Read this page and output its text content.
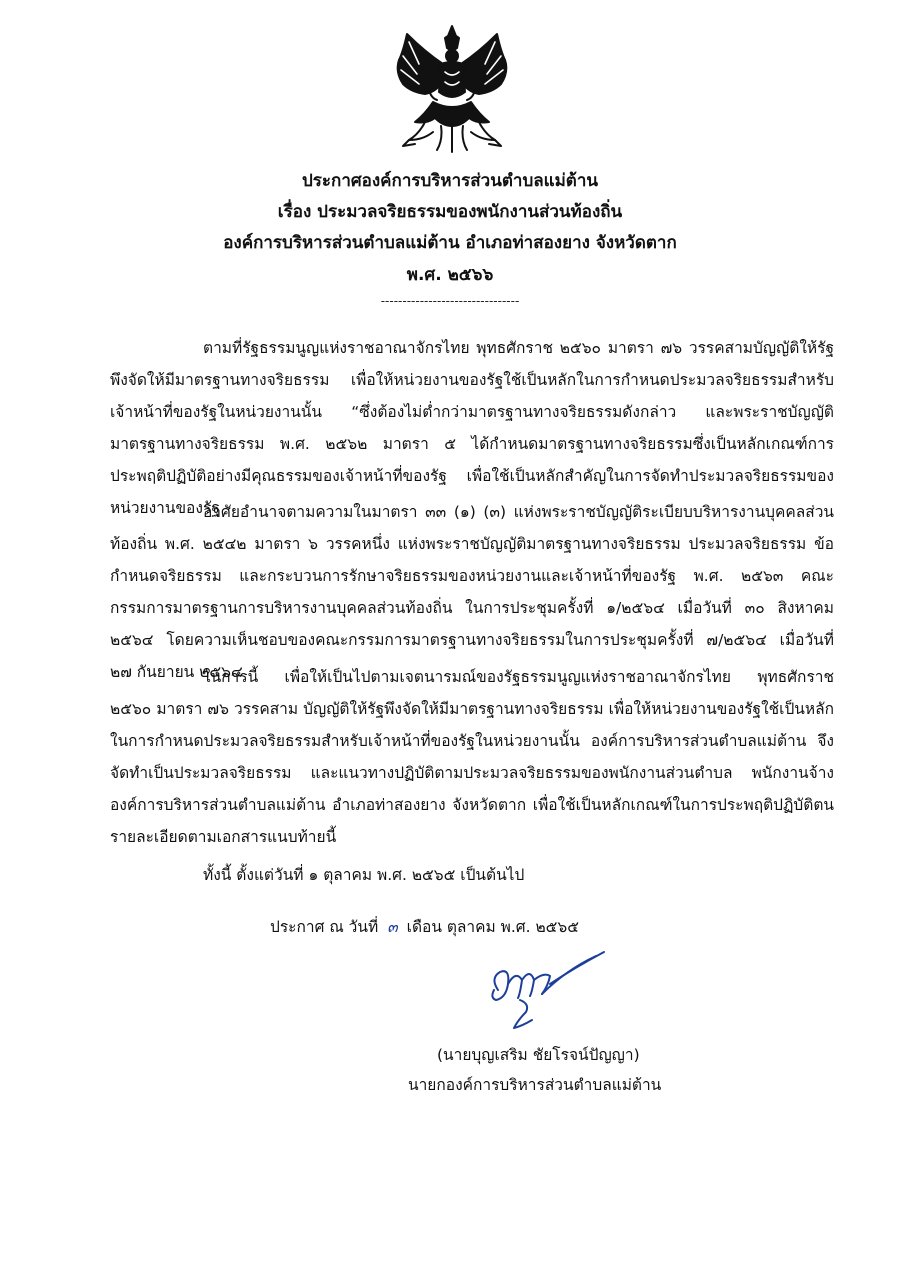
ประกาศองค์การบริหารส่วนตำบลแม่ต้าน
เรื่อง ประมวลจริยธรรมของพนักงานส่วนท้องถิ่น
องค์การบริหารส่วนตำบลแม่ต้าน อำเภอท่าสองยาง จังหวัดตาก
พ.ศ. ๒๕๖๖
--------------------------------

ตามที่รัฐธรรมนูญแห่งราชอาณาจักรไทย พุทธศักราช ๒๕๖๐ มาตรา ๗๖ วรรคสามบัญญัติให้รัฐพึงจัดให้มีมาตรฐานทางจริยธรรม เพื่อให้หน่วยงานของรัฐใช้เป็นหลักในการกำหนดประมวลจริยธรรมสำหรับเจ้าหน้าที่ของรัฐในหน่วยงานนั้น “ซึ่งต้องไม่ต่ำกว่ามาตรฐานทางจริยธรรมดังกล่าว และพระราชบัญญัติมาตรฐานทางจริยธรรม พ.ศ. ๒๕๖๒ มาตรา ๕ ได้กำหนดมาตรฐานทางจริยธรรมซึ่งเป็นหลักเกณฑ์การประพฤติปฏิบัติอย่างมีคุณธรรมของเจ้าหน้าที่ของรัฐ เพื่อใช้เป็นหลักสำคัญในการจัดทำประมวลจริยธรรมของหน่วยงานของรัฐ

อาศัยอำนาจตามความในมาตรา ๓๓ (๑) (๓) แห่งพระราชบัญญัติระเบียบบริหารงานบุคคลส่วนท้องถิ่น พ.ศ. ๒๕๔๒ มาตรา ๖ วรรคหนึ่ง แห่งพระราชบัญญัติมาตรฐานทางจริยธรรม ประมวลจริยธรรม ข้อกำหนดจริยธรรม และกระบวนการรักษาจริยธรรมของหน่วยงานและเจ้าหน้าที่ของรัฐ พ.ศ. ๒๕๖๓ คณะกรรมการมาตรฐานการบริหารงานบุคคลส่วนท้องถิ่น ในการประชุมครั้งที่ ๑/๒๕๖๔ เมื่อวันที่ ๓๐ สิงหาคม ๒๕๖๔ โดยความเห็นชอบของคณะกรรมการมาตรฐานทางจริยธรรมในการประชุมครั้งที่ ๗/๒๕๖๔ เมื่อวันที่ ๒๗ กันยายน ๒๕๖๔

ในการนี้ เพื่อให้เป็นไปตามเจตนารมณ์ของรัฐธรรมนูญแห่งราชอาณาจักรไทย พุทธศักราช ๒๕๖๐ มาตรา ๗๖ วรรคสาม บัญญัติให้รัฐพึงจัดให้มีมาตรฐานทางจริยธรรม เพื่อให้หน่วยงานของรัฐใช้เป็นหลักในการกำหนดประมวลจริยธรรมสำหรับเจ้าหน้าที่ของรัฐในหน่วยงานนั้น องค์การบริหารส่วนตำบลแม่ต้าน จึงจัดทำเป็นประมวลจริยธรรม และแนวทางปฏิบัติตามประมวลจริยธรรมของพนักงานส่วนตำบล พนักงานจ้างองค์การบริหารส่วนตำบลแม่ต้าน อำเภอท่าสองยาง จังหวัดตาก เพื่อใช้เป็นหลักเกณฑ์ในการประพฤติปฏิบัติตน รายละเอียดตามเอกสารแนบท้ายนี้

ทั้งนี้ ตั้งแต่วันที่ ๑ ตุลาคม พ.ศ. ๒๕๖๕ เป็นต้นไป
ประกาศ ณ วันที่ ๓ เดือน ตุลาคม พ.ศ. ๒๕๖๕
(นายบุญเสริม ชัยโรจน์ปัญญา)
นายกองค์การบริหารส่วนตำบลแม่ต้าน
